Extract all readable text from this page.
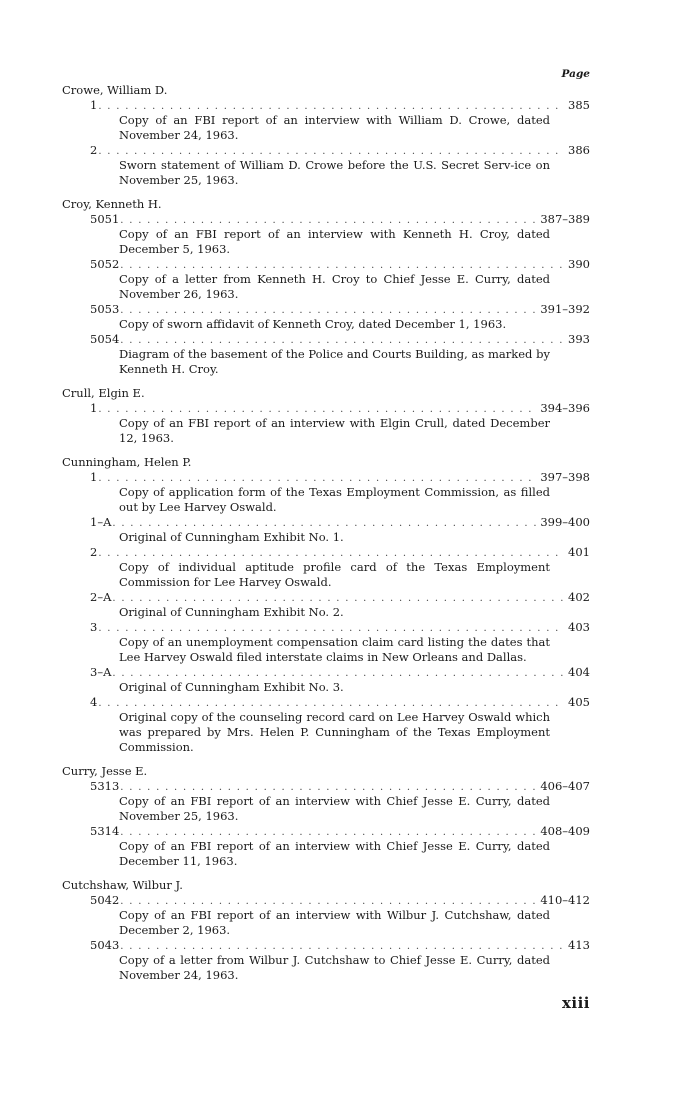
Page
Crowe, William D.
1 . . .	385
Copy of an FBI report of an interview with William D. Crowe, dated November 24, 1963.
2 . . .	386
Sworn statement of William D. Crowe before the U.S. Secret Serv-ice on November 25, 1963.
Croy, Kenneth H.
5051 . . .	387–389
Copy of an FBI report of an interview with Kenneth H. Croy, dated December 5, 1963.
5052 . . .	390
Copy of a letter from Kenneth H. Croy to Chief Jesse E. Curry, dated November 26, 1963.
5053 . . .	391–392
Copy of sworn affidavit of Kenneth Croy, dated December 1, 1963.
5054 . . .	393
Diagram of the basement of the Police and Courts Building, as marked by Kenneth H. Croy.
Crull, Elgin E.
1 . . .	394–396
Copy of an FBI report of an interview with Elgin Crull, dated December 12, 1963.
Cunningham, Helen P.
1 . . .	397–398
Copy of application form of the Texas Employment Commission, as filled out by Lee Harvey Oswald.
1–A . . .	399–400
Original of Cunningham Exhibit No. 1.
2 . . .	401
Copy of individual aptitude profile card of the Texas Employment Commission for Lee Harvey Oswald.
2–A . . .	402
Original of Cunningham Exhibit No. 2.
3 . . .	403
Copy of an unemployment compensation claim card listing the dates that Lee Harvey Oswald filed interstate claims in New Orleans and Dallas.
3–A . . .	404
Original of Cunningham Exhibit No. 3.
4 . . .	405
Original copy of the counseling record card on Lee Harvey Oswald which was prepared by Mrs. Helen P. Cunningham of the Texas Employment Commission.
Curry, Jesse E.
5313 . . .	406–407
Copy of an FBI report of an interview with Chief Jesse E. Curry, dated November 25, 1963.
5314 . . .	408–409
Copy of an FBI report of an interview with Chief Jesse E. Curry, dated December 11, 1963.
Cutchshaw, Wilbur J.
5042 . . .	410–412
Copy of an FBI report of an interview with Wilbur J. Cutchshaw, dated December 2, 1963.
5043 . . .	413
Copy of a letter from Wilbur J. Cutchshaw to Chief Jesse E. Curry, dated November 24, 1963.
xiii
